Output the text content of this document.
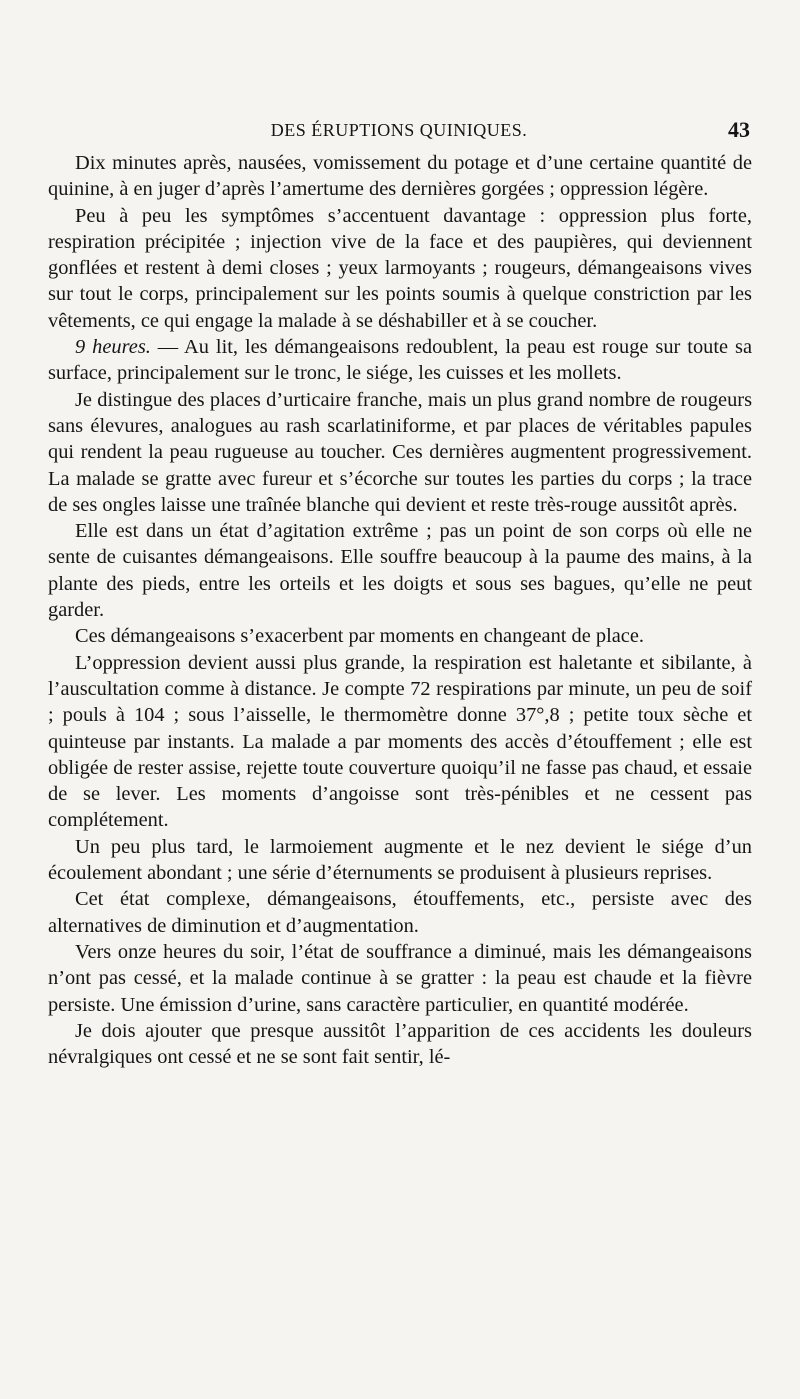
DES ÉRUPTIONS QUINIQUES.	43

Dix minutes après, nausées, vomissement du potage et d’une certaine quantité de quinine, à en juger d’après l’amertume des dernières gorgées ; oppression légère.

Peu à peu les symptômes s’accentuent davantage : oppression plus forte, respiration précipitée ; injection vive de la face et des paupières, qui deviennent gonflées et restent à demi closes ; yeux larmoyants ; rougeurs, démangeaisons vives sur tout le corps, principalement sur les points soumis à quelque constriction par les vêtements, ce qui engage la malade à se déshabiller et à se coucher.

9 heures. — Au lit, les démangeaisons redoublent, la peau est rouge sur toute sa surface, principalement sur le tronc, le siége, les cuisses et les mollets.

Je distingue des places d’urticaire franche, mais un plus grand nombre de rougeurs sans élevures, analogues au rash scarlatiniforme, et par places de véritables papules qui rendent la peau rugueuse au toucher. Ces dernières augmentent progressivement. La malade se gratte avec fureur et s’écorche sur toutes les parties du corps ; la trace de ses ongles laisse une traînée blanche qui devient et reste très-rouge aussitôt après.

Elle est dans un état d’agitation extrême ; pas un point de son corps où elle ne sente de cuisantes démangeaisons. Elle souffre beaucoup à la paume des mains, à la plante des pieds, entre les orteils et les doigts et sous ses bagues, qu’elle ne peut garder.

Ces démangeaisons s’exacerbent par moments en changeant de place.

L’oppression devient aussi plus grande, la respiration est haletante et sibilante, à l’auscultation comme à distance. Je compte 72 respirations par minute, un peu de soif ; pouls à 104 ; sous l’aisselle, le thermomètre donne 37°,8 ; petite toux sèche et quinteuse par instants. La malade a par moments des accès d’étouffement ; elle est obligée de rester assise, rejette toute couverture quoiqu’il ne fasse pas chaud, et essaie de se lever. Les moments d’angoisse sont très-pénibles et ne cessent pas complétement.

Un peu plus tard, le larmoiement augmente et le nez devient le siége d’un écoulement abondant ; une série d’éternuments se produisent à plusieurs reprises.

Cet état complexe, démangeaisons, étouffements, etc., persiste avec des alternatives de diminution et d’augmentation.

Vers onze heures du soir, l’état de souffrance a diminué, mais les démangeaisons n’ont pas cessé, et la malade continue à se gratter : la peau est chaude et la fièvre persiste. Une émission d’urine, sans caractère particulier, en quantité modérée.

Je dois ajouter que presque aussitôt l’apparition de ces accidents les douleurs névralgiques ont cessé et ne se sont fait sentir, lé-
